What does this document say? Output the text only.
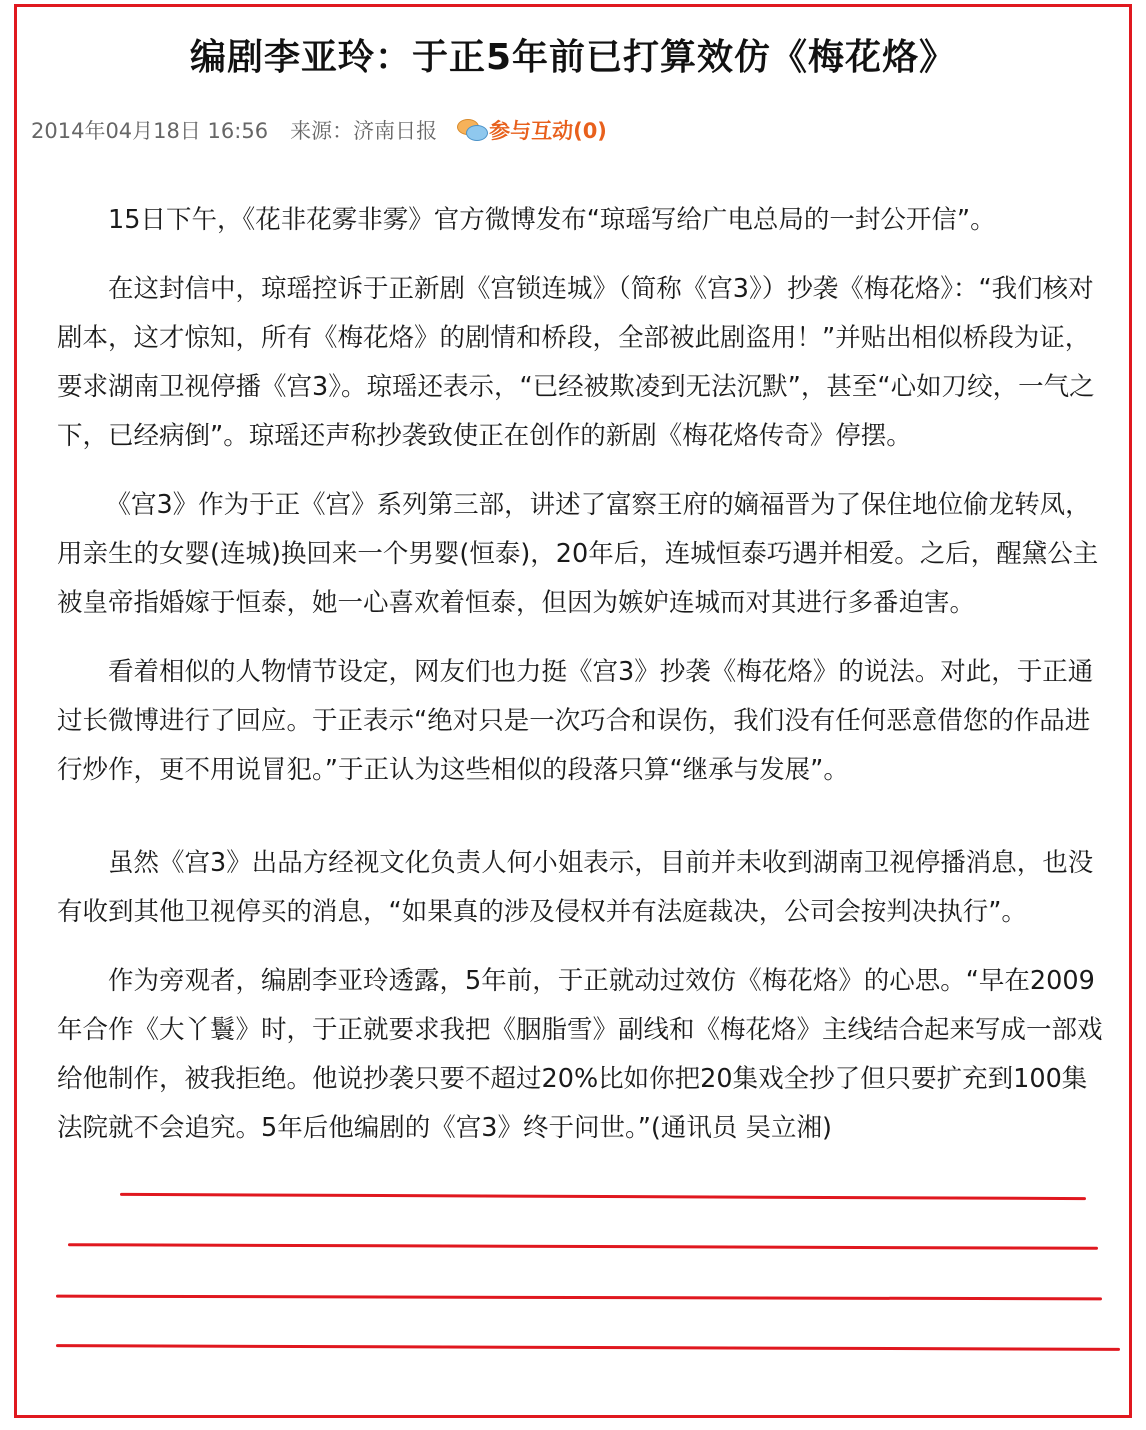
编剧李亚玲：于正5年前已打算效仿《梅花烙》
2014年04月18日 16:56 来源：济南日报 参与互动(0)

15日下午，《花非花雾非雾》官方微博发布“琼瑶写给广电总局的一封公开信”。

在这封信中，琼瑶控诉于正新剧《宫锁连城》（简称《宫3》）抄袭《梅花烙》：“我们核对剧本，这才惊知，所有《梅花烙》的剧情和桥段，全部被此剧盗用！”并贴出相似桥段为证，要求湖南卫视停播《宫3》。琼瑶还表示，“已经被欺凌到无法沉默”，甚至“心如刀绞，一气之下，已经病倒”。琼瑶还声称抄袭致使正在创作的新剧《梅花烙传奇》停摆。

《宫3》作为于正《宫》系列第三部，讲述了富察王府的嫡福晋为了保住地位偷龙转凤，用亲生的女婴(连城)换回来一个男婴(恒泰)，20年后，连城恒泰巧遇并相爱。之后，醒黛公主被皇帝指婚嫁于恒泰，她一心喜欢着恒泰，但因为嫉妒连城而对其进行多番迫害。

看着相似的人物情节设定，网友们也力挺《宫3》抄袭《梅花烙》的说法。对此，于正通过长微博进行了回应。于正表示“绝对只是一次巧合和误伤，我们没有任何恶意借您的作品进行炒作，更不用说冒犯。”于正认为这些相似的段落只算“继承与发展”。

虽然《宫3》出品方经视文化负责人何小姐表示，目前并未收到湖南卫视停播消息，也没有收到其他卫视停买的消息，“如果真的涉及侵权并有法庭裁决，公司会按判决执行”。

作为旁观者，编剧李亚玲透露，5年前，于正就动过效仿《梅花烙》的心思。“早在2009年合作《大丫鬟》时，于正就要求我把《胭脂雪》副线和《梅花烙》主线结合起来写成一部戏给他制作，被我拒绝。他说抄袭只要不超过20%比如你把20集戏全抄了但只要扩充到100集法院就不会追究。5年后他编剧的《宫3》终于问世。”(通讯员 吴立湘)
